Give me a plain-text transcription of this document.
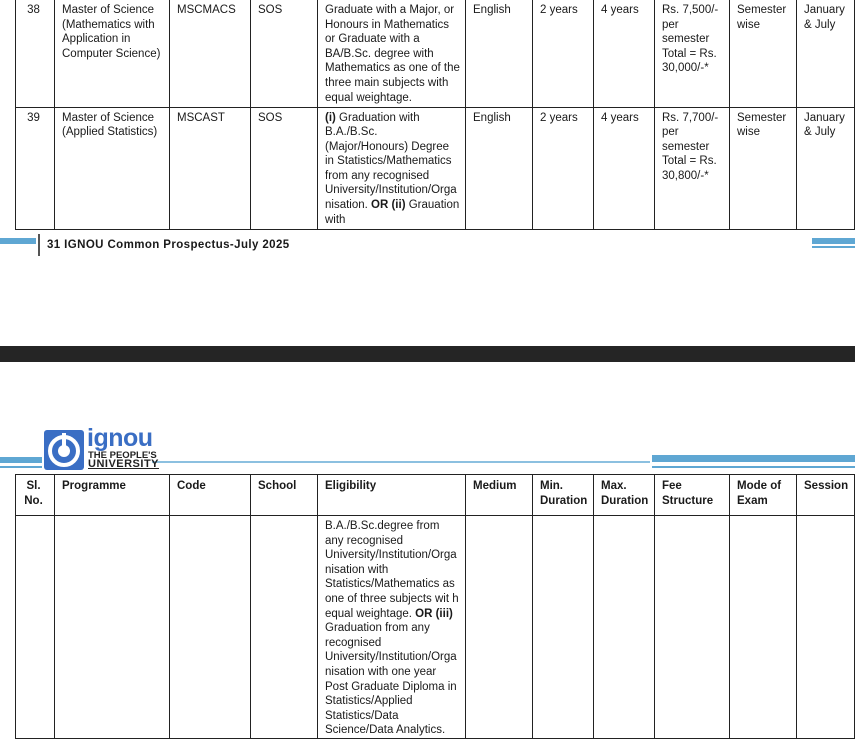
38	Master of Science (Mathematics with Application in Computer Science)	MSCMACS	SOS	Graduate with a Major, or Honours in Mathematics or Graduate with a BA/B.Sc. degree with Mathematics as one of the three main subjects with equal weightage.	English	2 years	4 years	Rs. 7,500/- per semester Total = Rs. 30,000/-*	Semester wise	January & July
39	Master of Science (Applied Statistics)	MSCAST	SOS	(i) Graduation with B.A./B.Sc. (Major/Honours) Degree in Statistics/Mathematics from any recognised University/Institution/Organisation. OR (ii) Grauation with	English	2 years	4 years	Rs. 7,700/- per semester Total = Rs. 30,800/-*	Semester wise	January & July
31 IGNOU Common Prospectus-July 2025
ignou
THE PEOPLE'S
UNIVERSITY
Sl. No.	Programme	Code	School	Eligibility	Medium	Min. Duration	Max. Duration	Fee Structure	Mode of Exam	Session
				B.A./B.Sc.degree from any recognised University/Institution/Organisation with Statistics/Mathematics as one of three subjects wit h equal weightage. OR (iii) Graduation from any recognised University/Institution/Organisation with one year Post Graduate Diploma in Statistics/Applied Statistics/Data Science/Data Analytics.						
